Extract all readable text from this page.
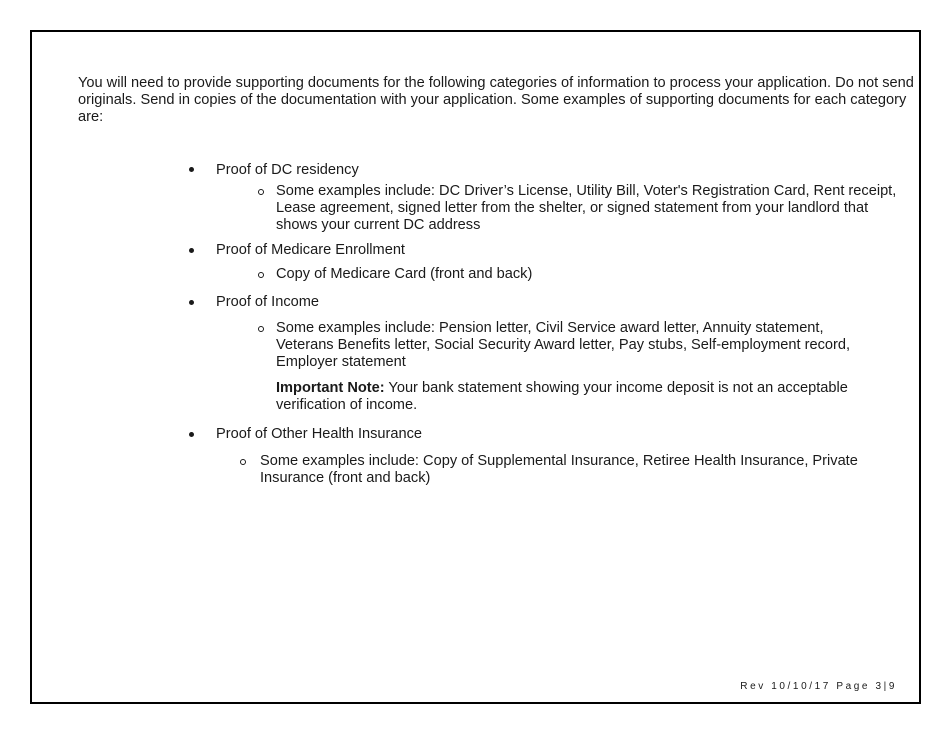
You will need to provide supporting documents for the following categories of information to process your application. Do not send originals. Send in copies of the documentation with your application. Some examples of supporting documents for each category are:

Proof of DC residency

Some examples include: DC Driver’s License, Utility Bill, Voter's Registration Card, Rent receipt, Lease agreement, signed letter from the shelter, or signed statement from your landlord that shows your current DC address

Proof of Medicare Enrollment

Copy of Medicare Card (front and back)

Proof of Income

Some examples include: Pension letter, Civil Service award letter, Annuity statement, Veterans Benefits letter, Social Security Award letter, Pay stubs, Self-employment record, Employer statement

Important Note: Your bank statement showing your income deposit is not an acceptable verification of income.

Proof of Other Health Insurance

Some examples include: Copy of Supplemental Insurance, Retiree Health Insurance, Private Insurance (front and back)

Rev 10/10/17 Page 3|9
